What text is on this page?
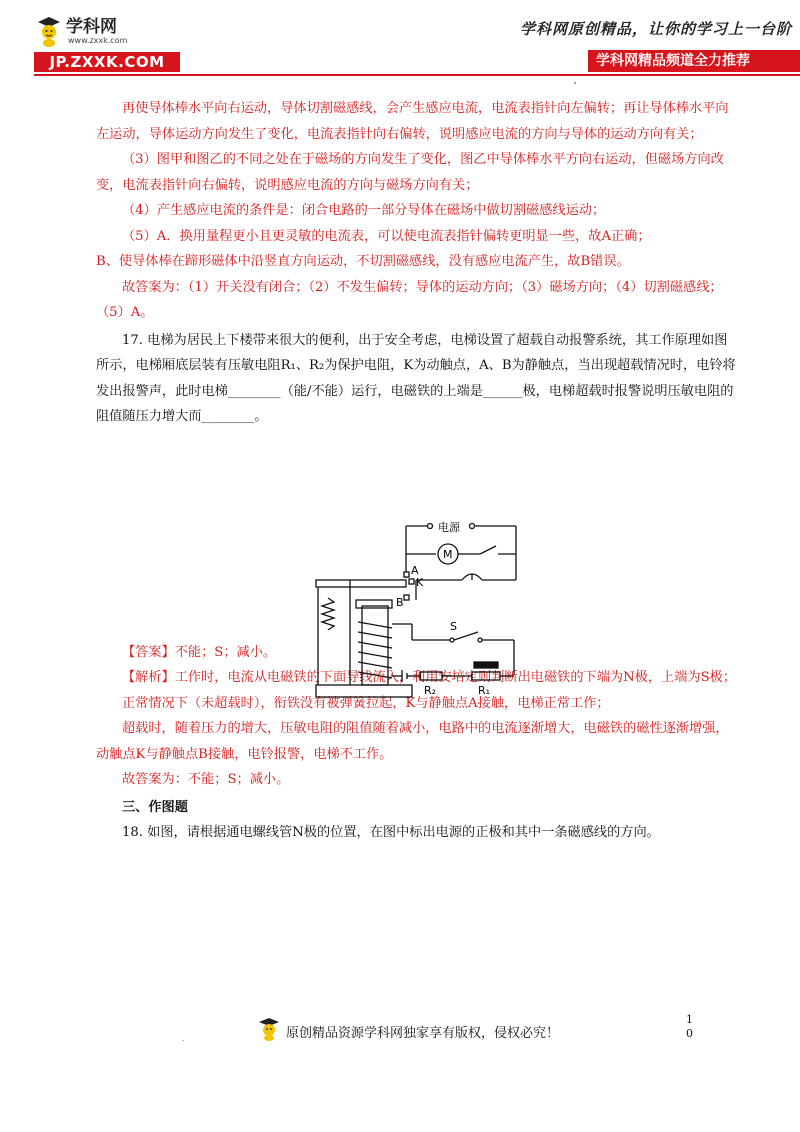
学科网
www.zxxk.com
JP.ZXXK.COM
学科网原创精品，让你的学习上一台阶
学科网精品频道全力推荐

再使导体棒水平向右运动，导体切割磁感线，会产生感应电流，电流表指针向左偏转；再让导体棒水平向左运动，导体运动方向发生了变化，电流表指针向右偏转，说明感应电流的方向与导体的运动方向有关；

（3）图甲和图乙的不同之处在于磁场的方向发生了变化，图乙中导体棒水平方向右运动，但磁场方向改变，电流表指针向右偏转，说明感应电流的方向与磁场方向有关；

（4）产生感应电流的条件是：闭合电路的一部分导体在磁场中做切割磁感线运动；

（5）A．换用量程更小且更灵敏的电流表，可以使电流表指针偏转更明显一些，故A正确；

B、使导体棒在蹄形磁体中沿竖直方向运动，不切割磁感线，没有感应电流产生，故B错误。

故答案为：（1）开关没有闭合；（2）不发生偏转；导体的运动方向；（3）磁场方向；（4）切割磁感线；（5）A。

17. 电梯为居民上下楼带来很大的便利，出于安全考虑，电梯设置了超载自动报警系统，其工作原理如图所示，电梯厢底层装有压敏电阻R₁、R₂为保护电阻，K为动触点，A、B为静触点，当出现超载情况时，电铃将发出报警声，此时电梯________（能/不能）运行，电磁铁的上端是______极，电梯超载时报警说明压敏电阻的阻值随压力增大而________。

【答案】不能；S；减小。

【解析】工作时，电流从电磁铁的下面导线流入，利用安培定则判断出电磁铁的下端为N极，上端为S极；

正常情况下（未超载时），衔铁没有被弹簧拉起，K与静触点A接触，电梯正常工作；

超载时，随着压力的增大，压敏电阻的阻值随着减小，电路中的电流逐渐增大，电磁铁的磁性逐渐增强，动触点K与静触点B接触，电铃报警，电梯不工作。

故答案为：不能；S；减小。

三、作图题

18. 如图，请根据通电螺线管N极的位置，在图中标出电源的正极和其中一条磁感线的方向。

电源
M
A
K
B
S
R₂	R₁
.	原创精品资源学科网独家享有版权，侵权必究！
1
0
